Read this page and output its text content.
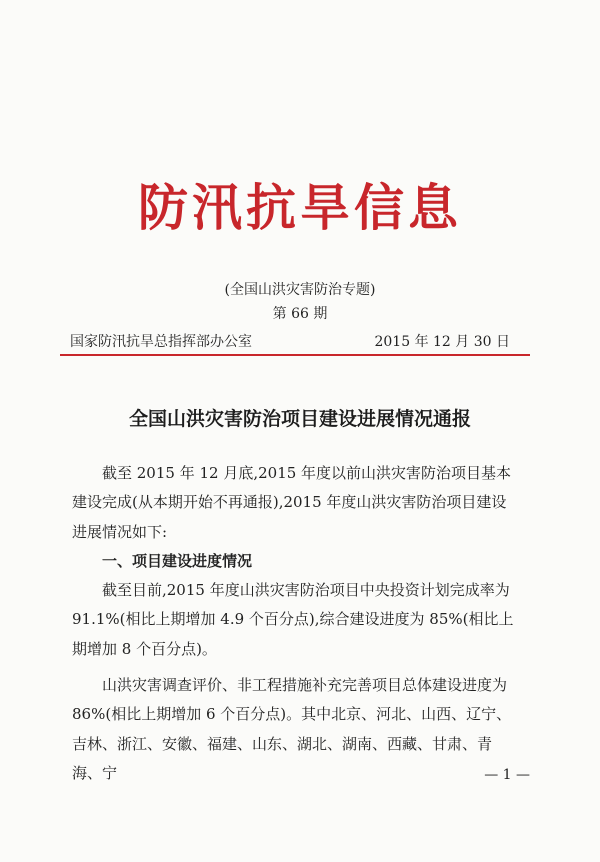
防汛抗旱信息
(全国山洪灾害防治专题)
第 66 期
国家防汛抗旱总指挥部办公室	2015 年 12 月 30 日
全国山洪灾害防治项目建设进展情况通报

截至 2015 年 12 月底,2015 年度以前山洪灾害防治项目基本建设完成(从本期开始不再通报),2015 年度山洪灾害防治项目建设进展情况如下:

一、项目建设进度情况

截至目前,2015 年度山洪灾害防治项目中央投资计划完成率为 91.1%(相比上期增加 4.9 个百分点),综合建设进度为 85%(相比上期增加 8 个百分点)。

山洪灾害调查评价、非工程措施补充完善项目总体建设进度为 86%(相比上期增加 6 个百分点)。其中北京、河北、山西、辽宁、吉林、浙江、安徽、福建、山东、湖北、湖南、西藏、甘肃、青海、宁	— 1 —
